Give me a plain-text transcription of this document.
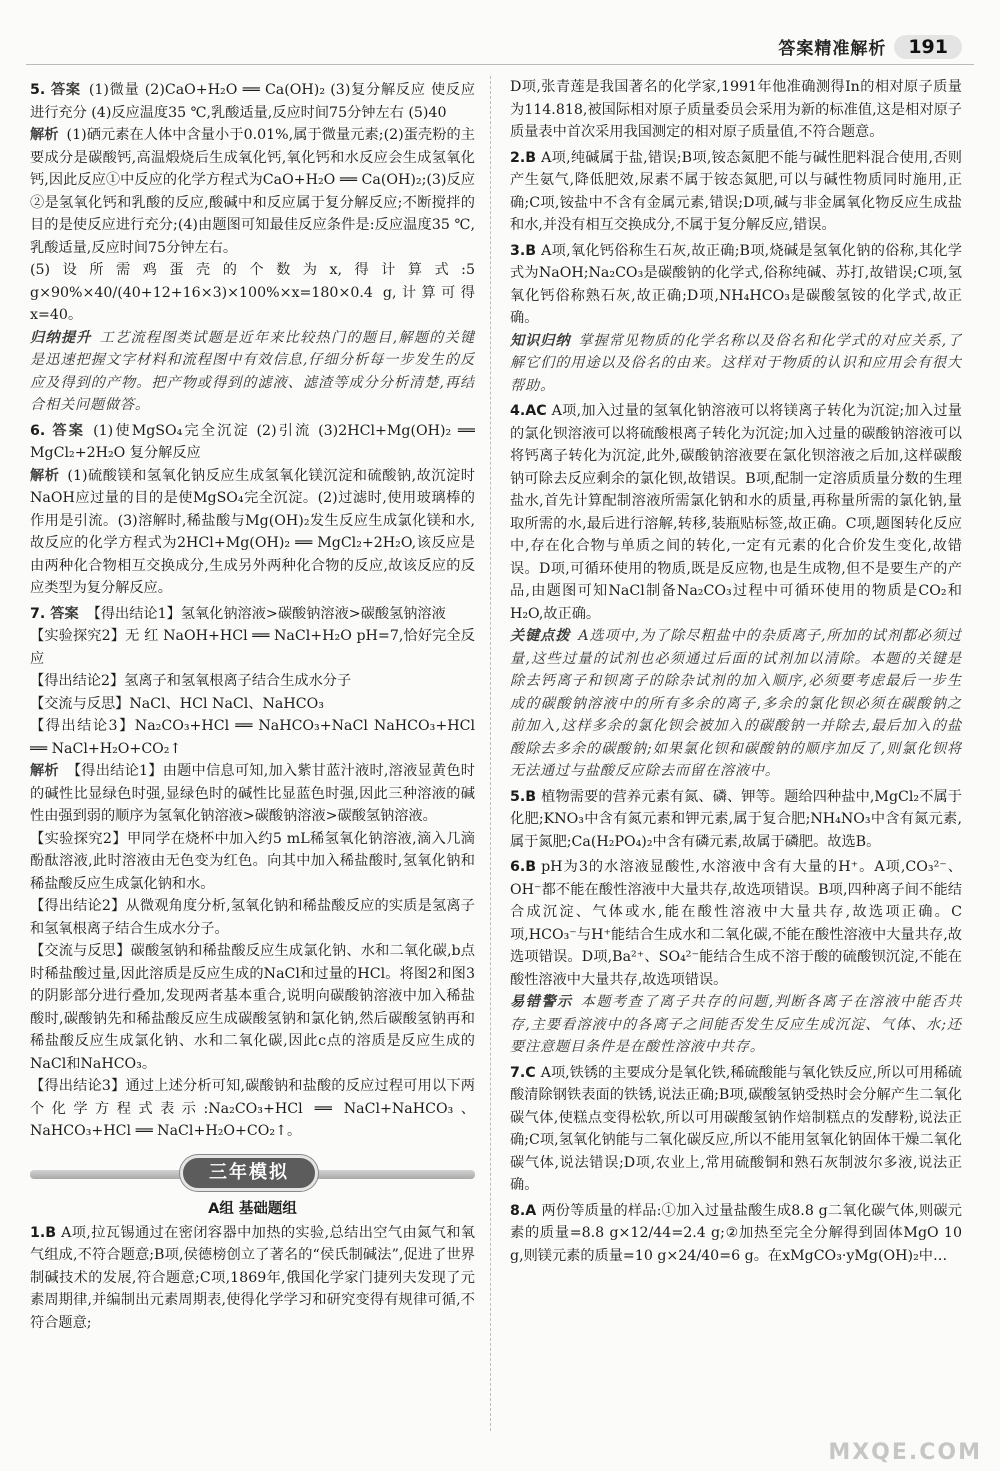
答案精准解析	191

5. 答案 (1)微量 (2)CaO+H₂O ══ Ca(OH)₂ (3)复分解反应 使反应进行充分 (4)反应温度35 ℃,乳酸适量,反应时间75分钟左右 (5)40

解析 (1)硒元素在人体中含量小于0.01%,属于微量元素;(2)蛋壳粉的主要成分是碳酸钙,高温煅烧后生成氧化钙,氧化钙和水反应会生成氢氧化钙,因此反应①中反应的化学方程式为CaO+H₂O ══ Ca(OH)₂;(3)反应②是氢氧化钙和乳酸的反应,酸碱中和反应属于复分解反应;不断搅拌的目的是使反应进行充分;(4)由题图可知最佳反应条件是:反应温度35 ℃,乳酸适量,反应时间75分钟左右。

(5)设所需鸡蛋壳的个数为x,得计算式:5 g×90%×40/(40+12+16×3)×100%×x=180×0.4 g,计算可得x=40。

归纳提升 工艺流程图类试题是近年来比较热门的题目,解题的关键是迅速把握文字材料和流程图中有效信息,仔细分析每一步发生的反应及得到的产物。把产物或得到的滤液、滤渣等成分分析清楚,再结合相关问题做答。

6. 答案 (1)使MgSO₄完全沉淀 (2)引流 (3)2HCl+Mg(OH)₂ ══ MgCl₂+2H₂O 复分解反应

解析 (1)硫酸镁和氢氧化钠反应生成氢氧化镁沉淀和硫酸钠,故沉淀时NaOH应过量的目的是使MgSO₄完全沉淀。(2)过滤时,使用玻璃棒的作用是引流。(3)溶解时,稀盐酸与Mg(OH)₂发生反应生成氯化镁和水,故反应的化学方程式为2HCl+Mg(OH)₂ ══ MgCl₂+2H₂O,该反应是由两种化合物相互交换成分,生成另外两种化合物的反应,故该反应的反应类型为复分解反应。

7. 答案 【得出结论1】氢氧化钠溶液>碳酸钠溶液>碳酸氢钠溶液

【实验探究2】无 红 NaOH+HCl ══ NaCl+H₂O pH=7,恰好完全反应

【得出结论2】氢离子和氢氧根离子结合生成水分子

【交流与反思】NaCl、HCl NaCl、NaHCO₃

【得出结论3】Na₂CO₃+HCl ══ NaHCO₃+NaCl NaHCO₃+HCl ══ NaCl+H₂O+CO₂↑

解析 【得出结论1】由题中信息可知,加入紫甘蓝汁液时,溶液显黄色时的碱性比显绿色时强,显绿色时的碱性比显蓝色时强,因此三种溶液的碱性由强到弱的顺序为氢氧化钠溶液>碳酸钠溶液>碳酸氢钠溶液。

【实验探究2】甲同学在烧杯中加入约5 mL稀氢氧化钠溶液,滴入几滴酚酞溶液,此时溶液由无色变为红色。向其中加入稀盐酸时,氢氧化钠和稀盐酸反应生成氯化钠和水。

【得出结论2】从微观角度分析,氢氧化钠和稀盐酸反应的实质是氢离子和氢氧根离子结合生成水分子。

【交流与反思】碳酸氢钠和稀盐酸反应生成氯化钠、水和二氧化碳,b点时稀盐酸过量,因此溶质是反应生成的NaCl和过量的HCl。将图2和图3的阴影部分进行叠加,发现两者基本重合,说明向碳酸钠溶液中加入稀盐酸时,碳酸钠先和稀盐酸反应生成碳酸氢钠和氯化钠,然后碳酸氢钠再和稀盐酸反应生成氯化钠、水和二氧化碳,因此c点的溶质是反应生成的NaCl和NaHCO₃。

【得出结论3】通过上述分析可知,碳酸钠和盐酸的反应过程可用以下两个化学方程式表示:Na₂CO₃+HCl ══ NaCl+NaHCO₃、NaHCO₃+HCl ══ NaCl+H₂O+CO₂↑。

三年模拟
A组 基础题组

1.B A项,拉瓦锡通过在密闭容器中加热的实验,总结出空气由氮气和氧气组成,不符合题意;B项,侯德榜创立了著名的“侯氏制碱法”,促进了世界制碱技术的发展,符合题意;C项,1869年,俄国化学家门捷列夫发现了元素周期律,并编制出元素周期表,使得化学学习和研究变得有规律可循,不符合题意;

D项,张青莲是我国著名的化学家,1991年他准确测得In的相对原子质量为114.818,被国际相对原子质量委员会采用为新的标准值,这是相对原子质量表中首次采用我国测定的相对原子质量值,不符合题意。

2.B A项,纯碱属于盐,错误;B项,铵态氮肥不能与碱性肥料混合使用,否则产生氨气,降低肥效,尿素不属于铵态氮肥,可以与碱性物质同时施用,正确;C项,铵盐中不含有金属元素,错误;D项,碱与非金属氧化物反应生成盐和水,并没有相互交换成分,不属于复分解反应,错误。

3.B A项,氧化钙俗称生石灰,故正确;B项,烧碱是氢氧化钠的俗称,其化学式为NaOH;Na₂CO₃是碳酸钠的化学式,俗称纯碱、苏打,故错误;C项,氢氧化钙俗称熟石灰,故正确;D项,NH₄HCO₃是碳酸氢铵的化学式,故正确。

知识归纳 掌握常见物质的化学名称以及俗名和化学式的对应关系,了解它们的用途以及俗名的由来。这样对于物质的认识和应用会有很大帮助。

4.AC A项,加入过量的氢氧化钠溶液可以将镁离子转化为沉淀;加入过量的氯化钡溶液可以将硫酸根离子转化为沉淀;加入过量的碳酸钠溶液可以将钙离子转化为沉淀,此外,碳酸钠溶液要在氯化钡溶液之后加,这样碳酸钠可除去反应剩余的氯化钡,故错误。B项,配制一定溶质质量分数的生理盐水,首先计算配制溶液所需氯化钠和水的质量,再称量所需的氯化钠,量取所需的水,最后进行溶解,转移,装瓶贴标签,故正确。C项,题图转化反应中,存在化合物与单质之间的转化,一定有元素的化合价发生变化,故错误。D项,可循环使用的物质,既是反应物,也是生成物,但不是要生产的产品,由题图可知NaCl制备Na₂CO₃过程中可循环使用的物质是CO₂和H₂O,故正确。

关键点拨 A选项中,为了除尽粗盐中的杂质离子,所加的试剂都必须过量,这些过量的试剂也必须通过后面的试剂加以清除。本题的关键是除去钙离子和钡离子的除杂试剂的加入顺序,必须要考虑最后一步生成的碳酸钠溶液中的所有多余的离子,多余的氯化钡必须在碳酸钠之前加入,这样多余的氯化钡会被加入的碳酸钠一并除去,最后加入的盐酸除去多余的碳酸钠;如果氯化钡和碳酸钠的顺序加反了,则氯化钡将无法通过与盐酸反应除去而留在溶液中。

5.B 植物需要的营养元素有氮、磷、钾等。题给四种盐中,MgCl₂不属于化肥;KNO₃中含有氮元素和钾元素,属于复合肥;NH₄NO₃中含有氮元素,属于氮肥;Ca(H₂PO₄)₂中含有磷元素,故属于磷肥。故选B。

6.B pH为3的水溶液显酸性,水溶液中含有大量的H⁺。A项,CO₃²⁻、OH⁻都不能在酸性溶液中大量共存,故选项错误。B项,四种离子间不能结合成沉淀、气体或水,能在酸性溶液中大量共存,故选项正确。C项,HCO₃⁻与H⁺能结合生成水和二氧化碳,不能在酸性溶液中大量共存,故选项错误。D项,Ba²⁺、SO₄²⁻能结合生成不溶于酸的硫酸钡沉淀,不能在酸性溶液中大量共存,故选项错误。

易错警示 本题考查了离子共存的问题,判断各离子在溶液中能否共存,主要看溶液中的各离子之间能否发生反应生成沉淀、气体、水;还要注意题目条件是在酸性溶液中共存。

7.C A项,铁锈的主要成分是氧化铁,稀硫酸能与氧化铁反应,所以可用稀硫酸清除钢铁表面的铁锈,说法正确;B项,碳酸氢钠受热时会分解产生二氧化碳气体,使糕点变得松软,所以可用碳酸氢钠作焙制糕点的发酵粉,说法正确;C项,氢氧化钠能与二氧化碳反应,所以不能用氢氧化钠固体干燥二氧化碳气体,说法错误;D项,农业上,常用硫酸铜和熟石灰制波尔多液,说法正确。

8.A 两份等质量的样品:①加入过量盐酸生成8.8 g二氧化碳气体,则碳元素的质量=8.8 g×12/44=2.4 g;②加热至完全分解得到固体MgO 10 g,则镁元素的质量=10 g×24/40=6 g。在xMgCO₃·yMg(OH)₂中…

MXQE.COM
